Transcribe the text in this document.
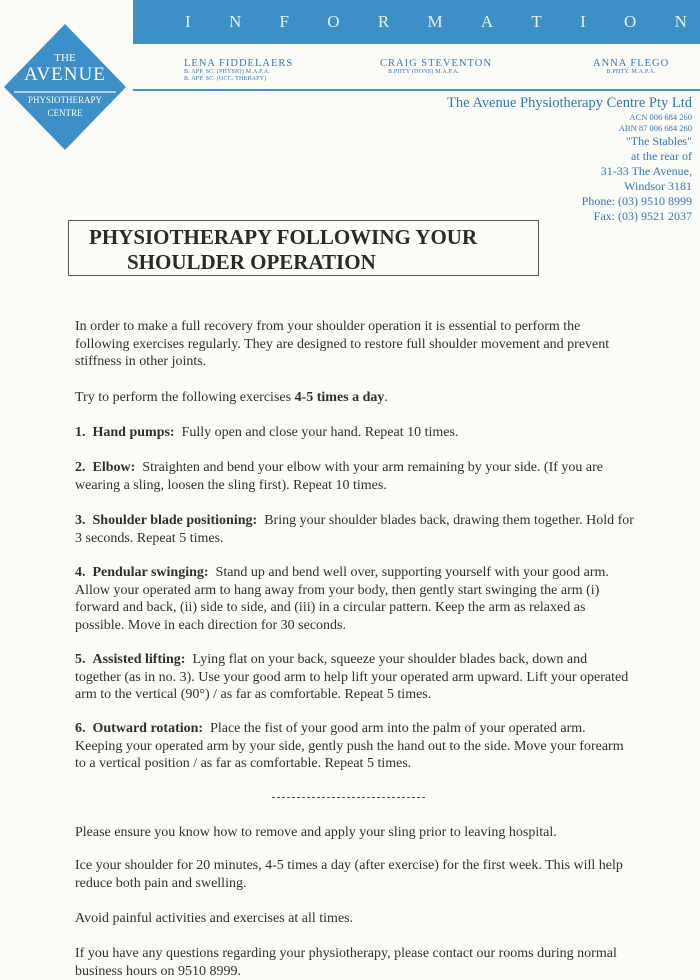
I N F O R M A T I O N
THE
AVENUE
PHYSIOTHERAPY
CENTRE
LENA FIDDELAERS
B. APP. SC. (PHYSIO) M.A.P.A.
B. APP. SC. (OCC. THERAPY)
CRAIG STEVENTON
B.PHTY (HONS) M.A.P.A.
ANNA FLEGO
B.PHTY. M.A.P.A.
The Avenue Physiotherapy Centre Pty Ltd
ACN 006 684 260
ABN 87 006 684 260
"The Stables"
at the rear of
31-33 The Avenue,
Windsor 3181
Phone: (03) 9510 8999
Fax: (03) 9521 2037
PHYSIOTHERAPY FOLLOWING YOUR
SHOULDER OPERATION
In order to make a full recovery from your shoulder operation it is essential to perform the following exercises regularly. They are designed to restore full shoulder movement and prevent stiffness in other joints.
Try to perform the following exercises 4-5 times a day.
1. Hand pumps: Fully open and close your hand. Repeat 10 times.
2. Elbow: Straighten and bend your elbow with your arm remaining by your side. (If you are wearing a sling, loosen the sling first). Repeat 10 times.
3. Shoulder blade positioning: Bring your shoulder blades back, drawing them together. Hold for 3 seconds. Repeat 5 times.
4. Pendular swinging: Stand up and bend well over, supporting yourself with your good arm. Allow your operated arm to hang away from your body, then gently start swinging the arm (i) forward and back, (ii) side to side, and (iii) in a circular pattern. Keep the arm as relaxed as possible. Move in each direction for 30 seconds.
5. Assisted lifting: Lying flat on your back, squeeze your shoulder blades back, down and together (as in no. 3). Use your good arm to help lift your operated arm upward. Lift your operated arm to the vertical (90°) / as far as comfortable. Repeat 5 times.
6. Outward rotation: Place the fist of your good arm into the palm of your operated arm. Keeping your operated arm by your side, gently push the hand out to the side. Move your forearm to a vertical position / as far as comfortable. Repeat 5 times.
Please ensure you know how to remove and apply your sling prior to leaving hospital.
Ice your shoulder for 20 minutes, 4-5 times a day (after exercise) for the first week. This will help reduce both pain and swelling.
Avoid painful activities and exercises at all times.
If you have any questions regarding your physiotherapy, please contact our rooms during normal business hours on 9510 8999.
